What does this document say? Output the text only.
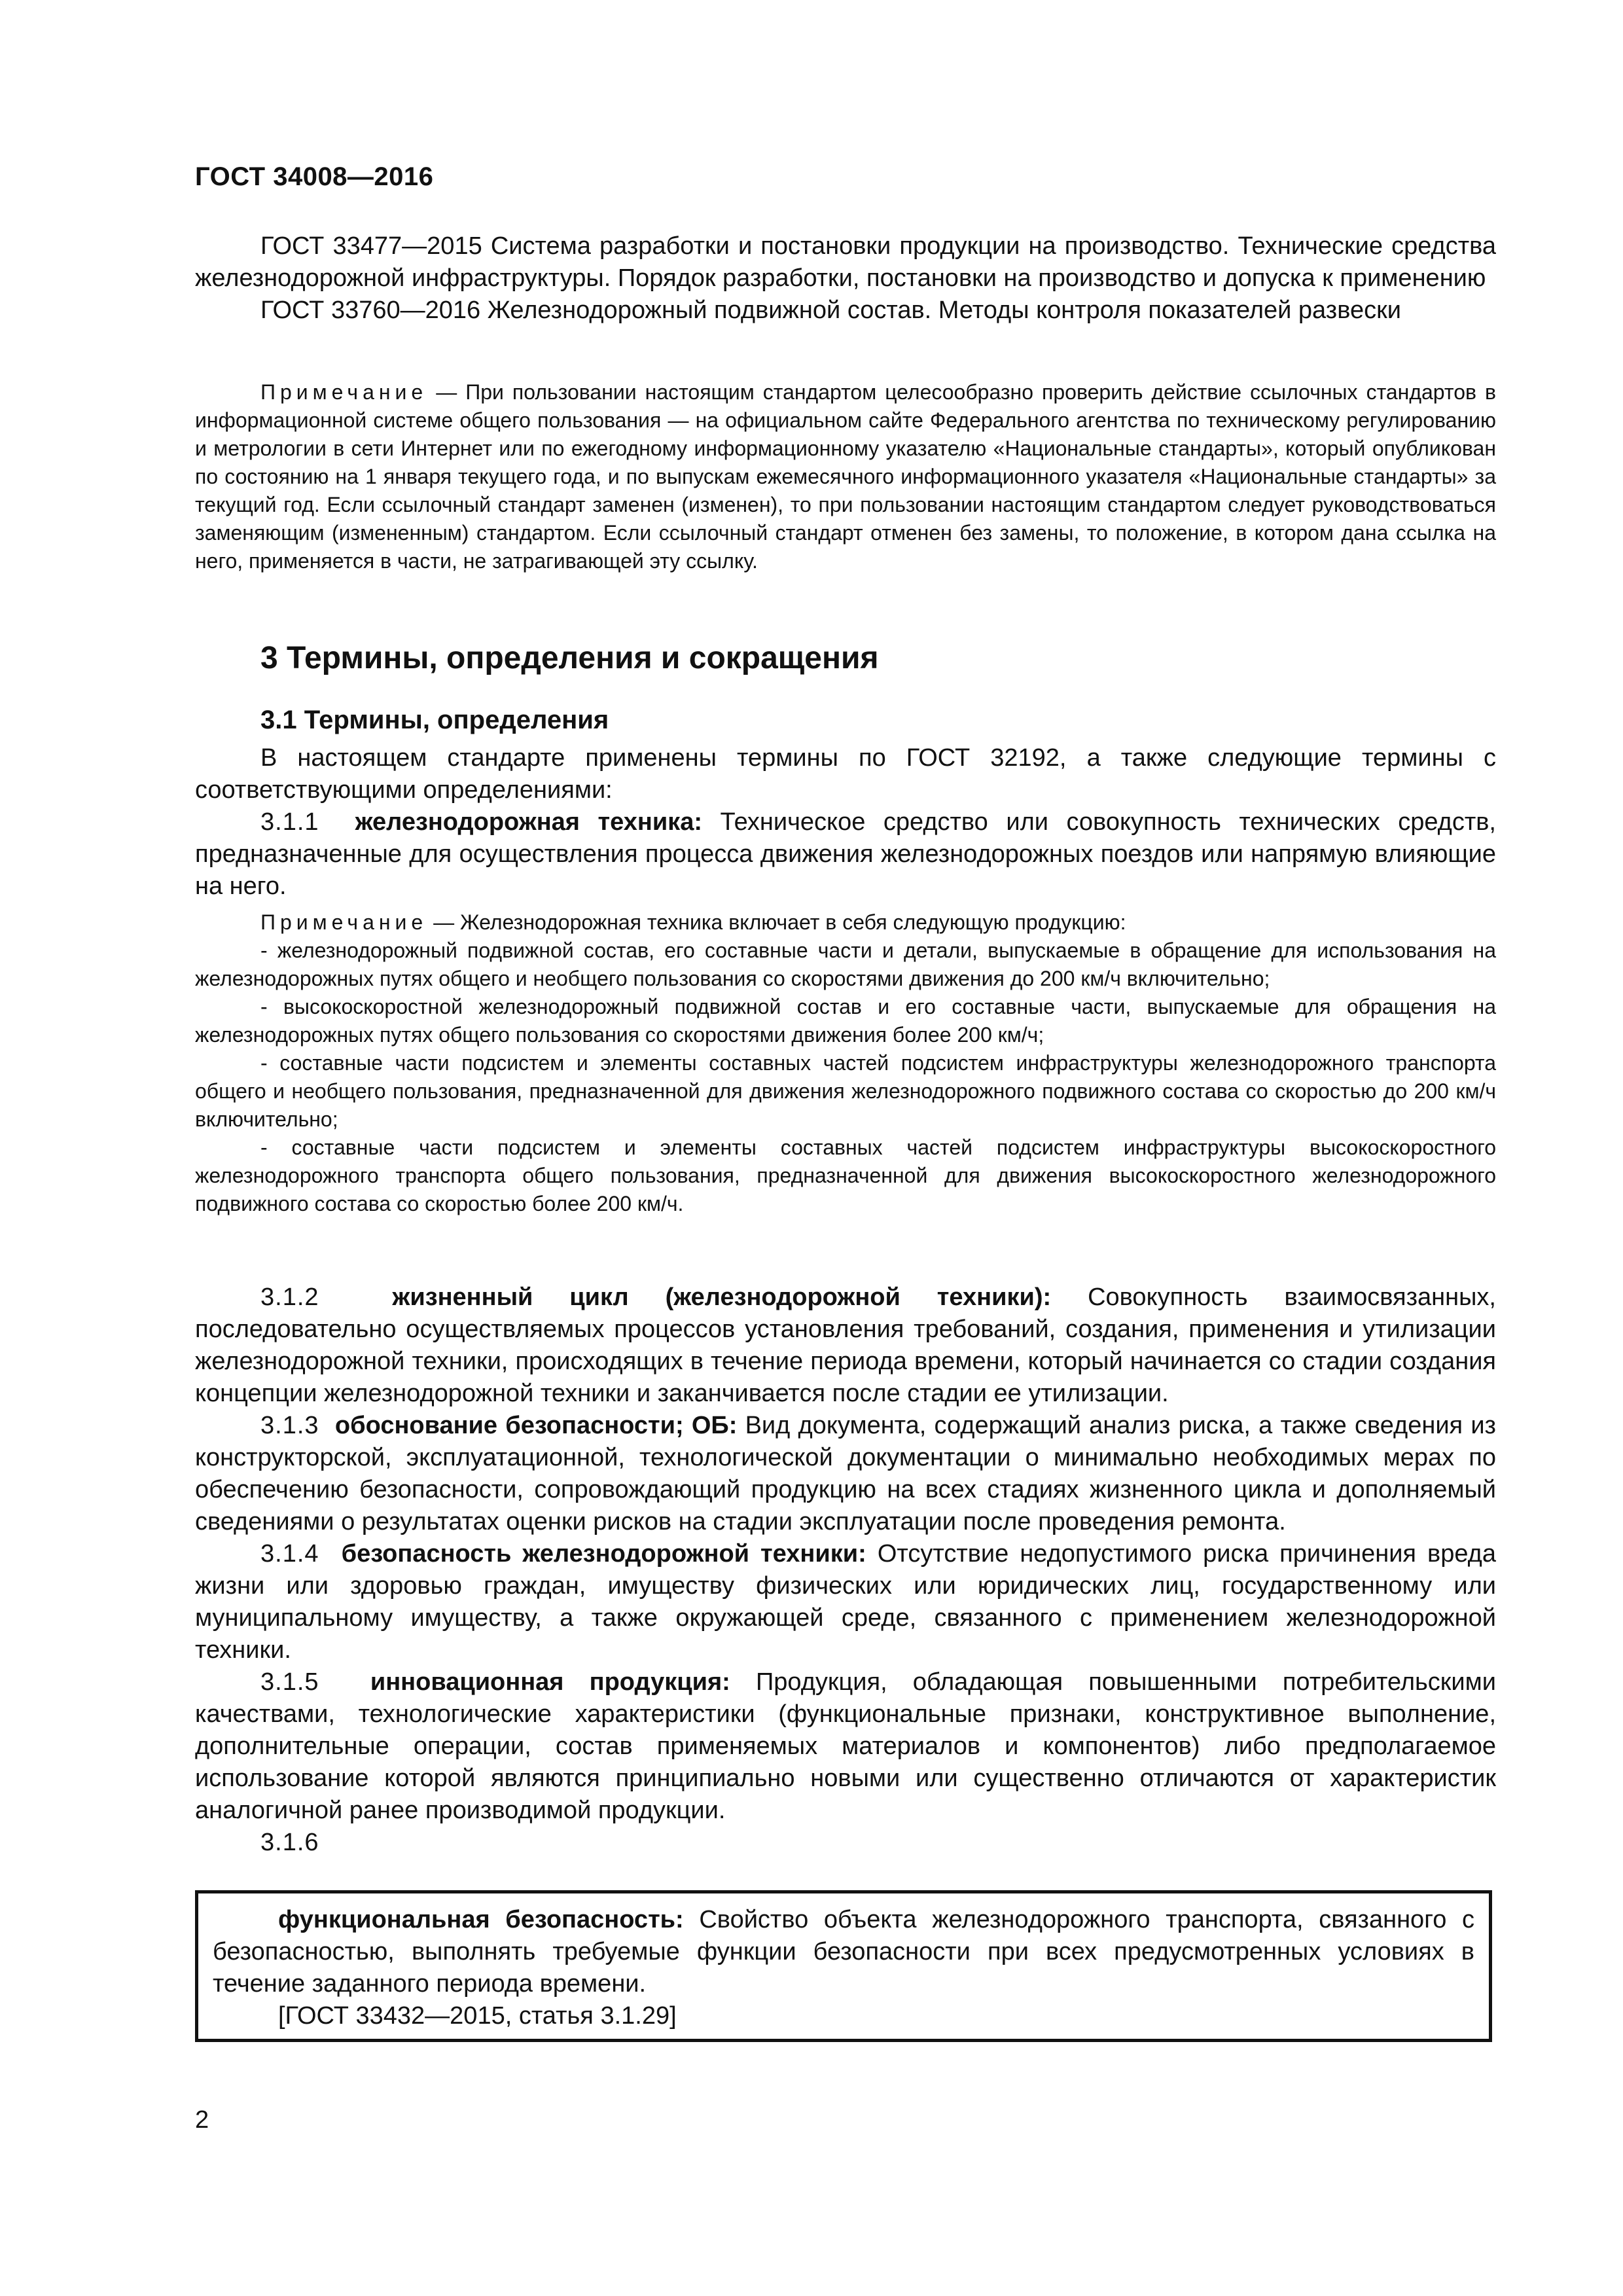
ГОСТ 34008—2016

ГОСТ 33477—2015 Система разработки и постановки продукции на производство. Технические средства железнодорожной инфраструктуры. Порядок разработки, постановки на производство и допуска к применению

ГОСТ 33760—2016 Железнодорожный подвижной состав. Методы контроля показателей развески

Примечание — При пользовании настоящим стандартом целесообразно проверить действие ссылочных стандартов в информационной системе общего пользования — на официальном сайте Федерального агентства по техническому регулированию и метрологии в сети Интернет или по ежегодному информационному указателю «Национальные стандарты», который опубликован по состоянию на 1 января текущего года, и по выпускам ежемесячного информационного указателя «Национальные стандарты» за текущий год. Если ссылочный стандарт заменен (изменен), то при пользовании настоящим стандартом следует руководствоваться заменяющим (измененным) стандартом. Если ссылочный стандарт отменен без замены, то положение, в котором дана ссылка на него, применяется в части, не затрагивающей эту ссылку.

3 Термины, определения и сокращения
3.1 Термины, определения

В настоящем стандарте применены термины по ГОСТ 32192, а также следующие термины с соответствующими определениями:

3.1.1 железнодорожная техника: Техническое средство или совокупность технических средств, предназначенные для осуществления процесса движения железнодорожных поездов или напрямую влияющие на него.

Примечание — Железнодорожная техника включает в себя следующую продукцию:

- железнодорожный подвижной состав, его составные части и детали, выпускаемые в обращение для использования на железнодорожных путях общего и необщего пользования со скоростями движения до 200 км/ч включительно;

- высокоскоростной железнодорожный подвижной состав и его составные части, выпускаемые для обращения на железнодорожных путях общего пользования со скоростями движения более 200 км/ч;

- составные части подсистем и элементы составных частей подсистем инфраструктуры железнодорожного транспорта общего и необщего пользования, предназначенной для движения железнодорожного подвижного состава со скоростью до 200 км/ч включительно;

- составные части подсистем и элементы составных частей подсистем инфраструктуры высокоскоростного железнодорожного транспорта общего пользования, предназначенной для движения высокоскоростного железнодорожного подвижного состава со скоростью более 200 км/ч.

3.1.2	жизненный цикл (железнодорожной техники): Совокупность взаимосвязанных, последовательно осуществляемых процессов установления требований, создания, применения и утилизации железнодорожной техники, происходящих в течение периода времени, который начинается со стадии создания концепции железнодорожной техники и заканчивается после стадии ее утилизации.

3.1.3 обоснование безопасности; ОБ: Вид документа, содержащий анализ риска, а также сведения из конструкторской, эксплуатационной, технологической документации о минимально необходимых мерах по обеспечению безопасности, сопровождающий продукцию на всех стадиях жизненного цикла и дополняемый сведениями о результатах оценки рисков на стадии эксплуатации после проведения ремонта.

3.1.4 безопасность железнодорожной техники: Отсутствие недопустимого риска причинения вреда жизни или здоровью граждан, имуществу физических или юридических лиц, государственному или муниципальному имуществу, а также окружающей среде, связанного с применением железнодорожной техники.

3.1.5 инновационная продукция: Продукция, обладающая повышенными потребительскими качествами, технологические характеристики (функциональные признаки, конструктивное выполнение, дополнительные операции, состав применяемых материалов и компонентов) либо предполагаемое использование которой являются принципиально новыми или существенно отличаются от характеристик аналогичной ранее производимой продукции.

3.1.6

функциональная безопасность: Свойство объекта железнодорожного транспорта, связанного с безопасностью, выполнять требуемые функции безопасности при всех предусмотренных условиях в течение заданного периода времени.

[ГОСТ 33432—2015, статья 3.1.29]

2
